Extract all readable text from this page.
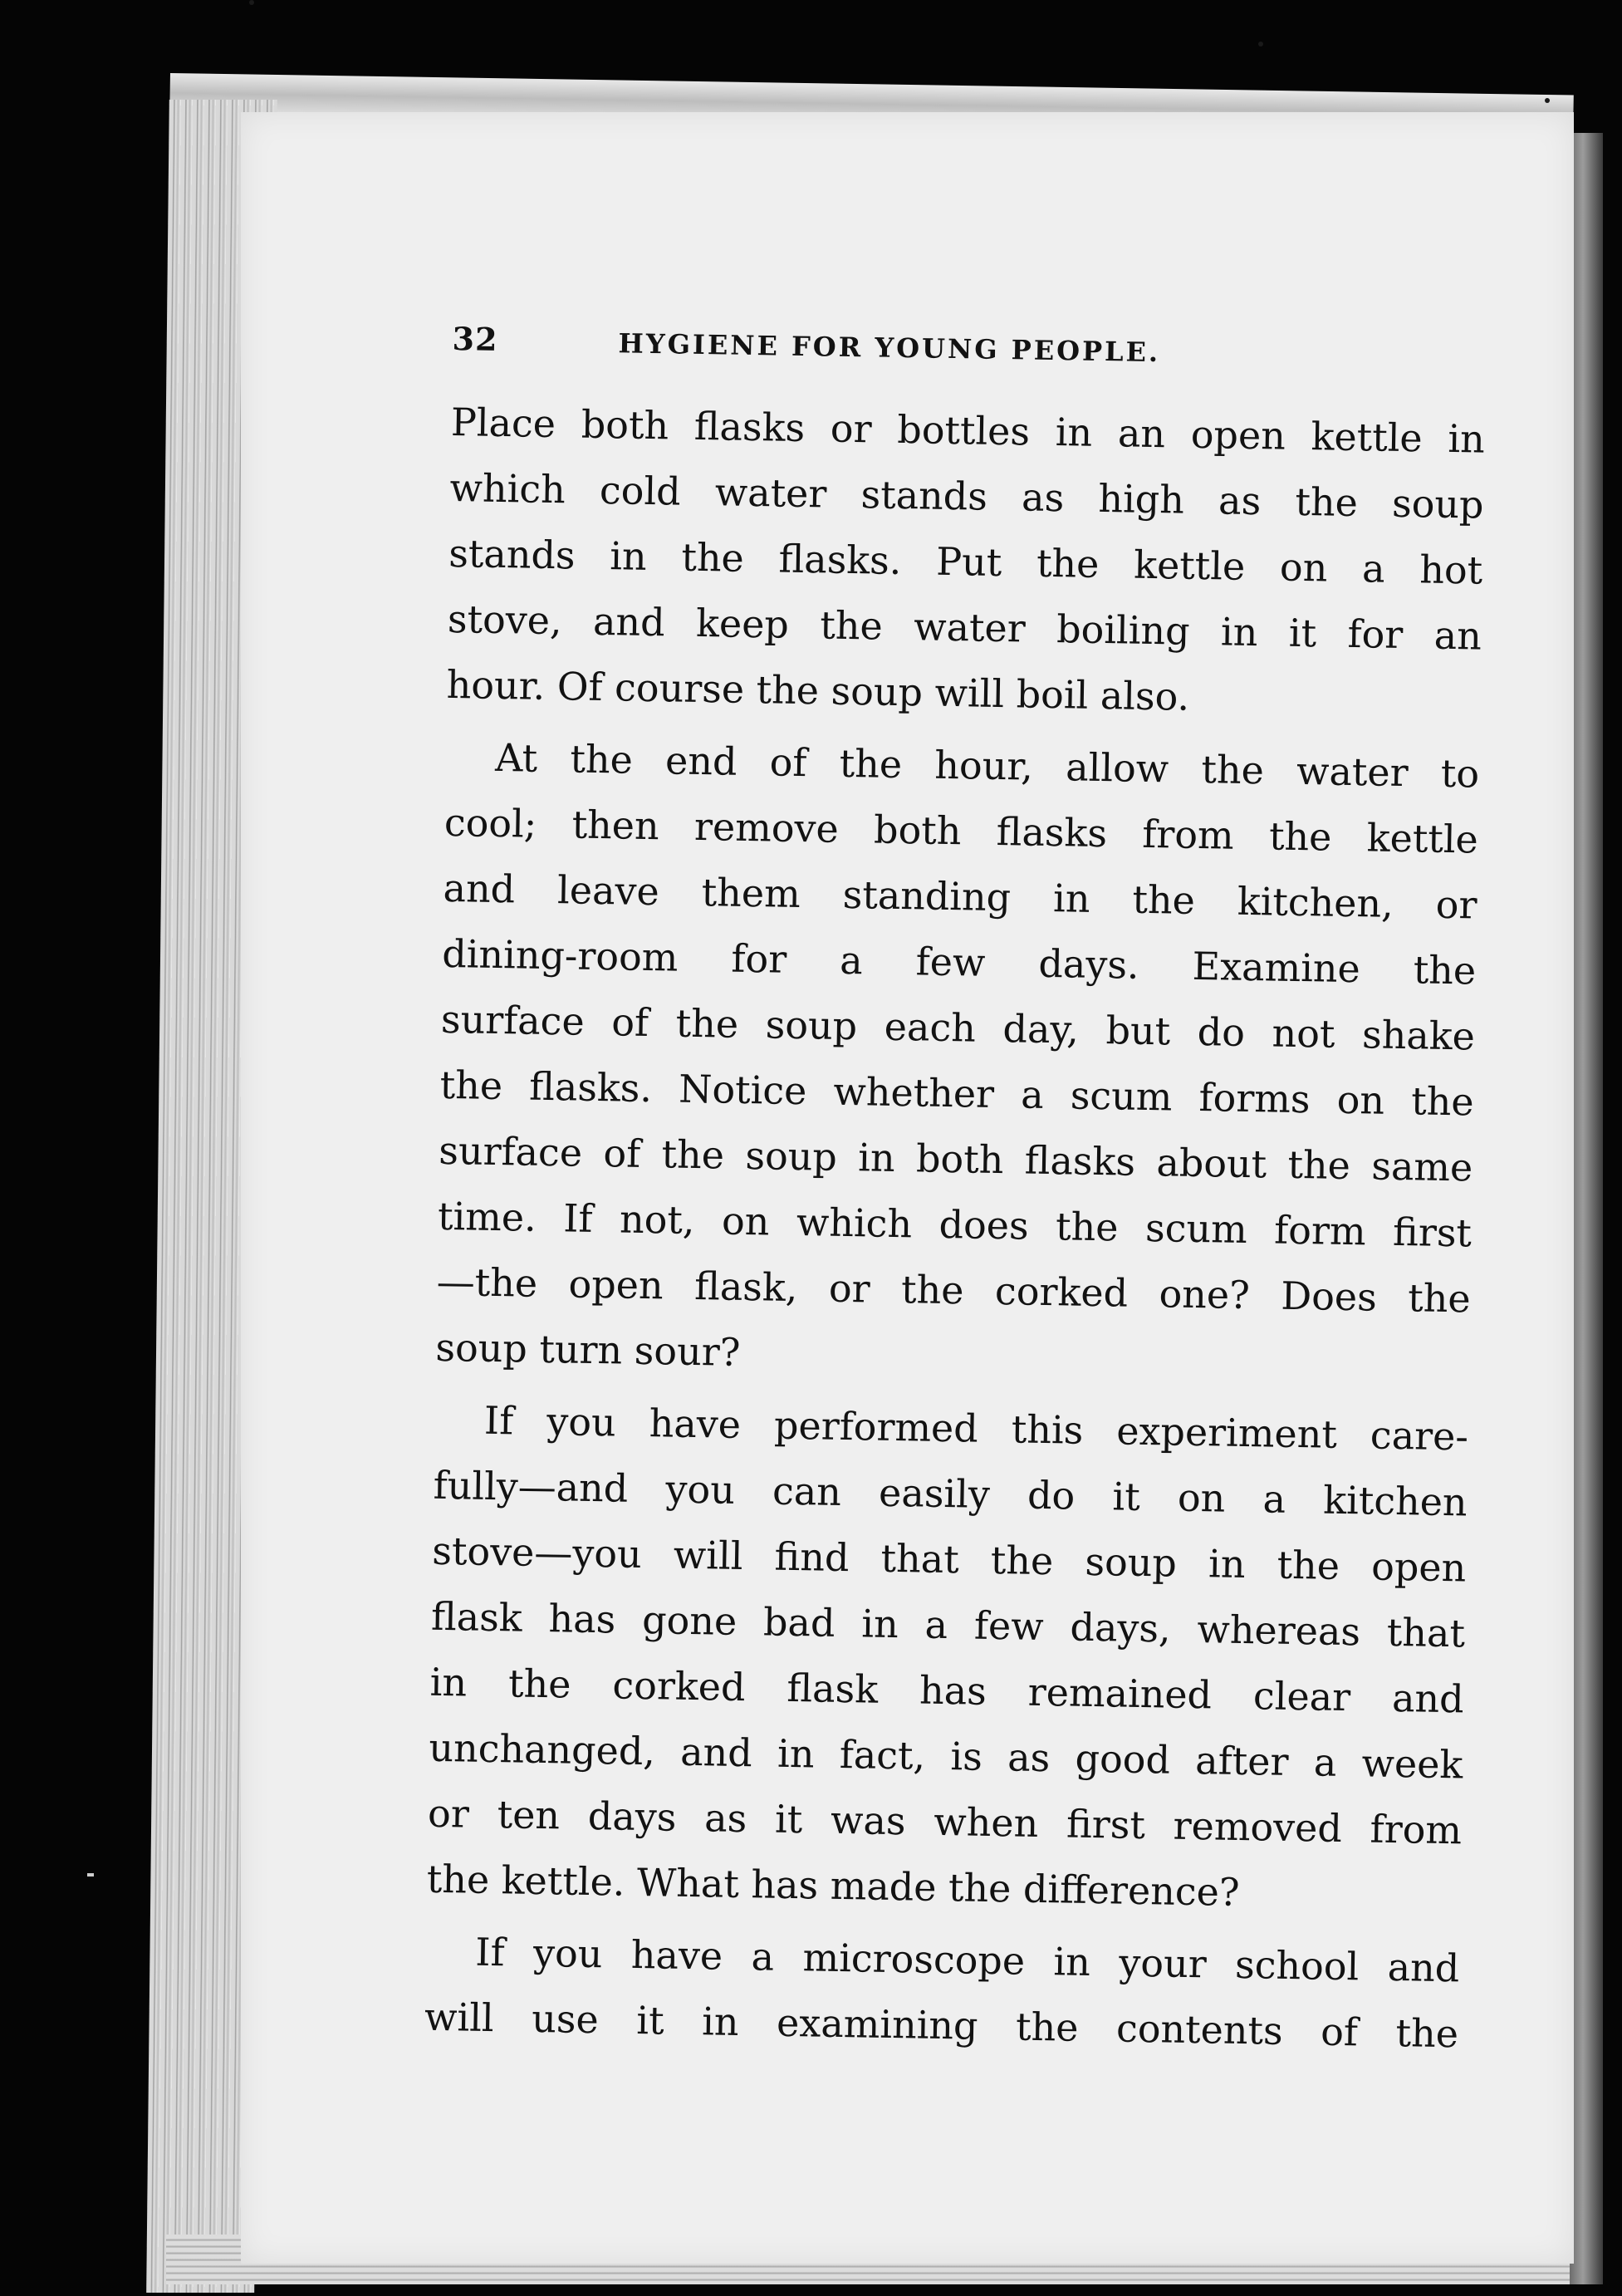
32	HYGIENE FOR YOUNG PEOPLE.
Place both flasks or bottles in an open kettle in
which cold water stands as high as the soup
stands in the flasks. Put the kettle on a hot
stove, and keep the water boiling in it for an
hour. Of course the soup will boil also.
At the end of the hour, allow the water to
cool; then remove both flasks from the kettle
and leave them standing in the kitchen, or
dining-room for a few days. Examine the
surface of the soup each day, but do not shake
the flasks. Notice whether a scum forms on the
surface of the soup in both flasks about the same
time. If not, on which does the scum form first
—the open flask, or the corked one? Does the
soup turn sour?
If you have performed this experiment care-
fully—and you can easily do it on a kitchen
stove—you will find that the soup in the open
flask has gone bad in a few days, whereas that
in the corked flask has remained clear and
unchanged, and in fact, is as good after a week
or ten days as it was when first removed from
the kettle. What has made the difference?
If you have a microscope in your school and
will use it in examining the contents of the
